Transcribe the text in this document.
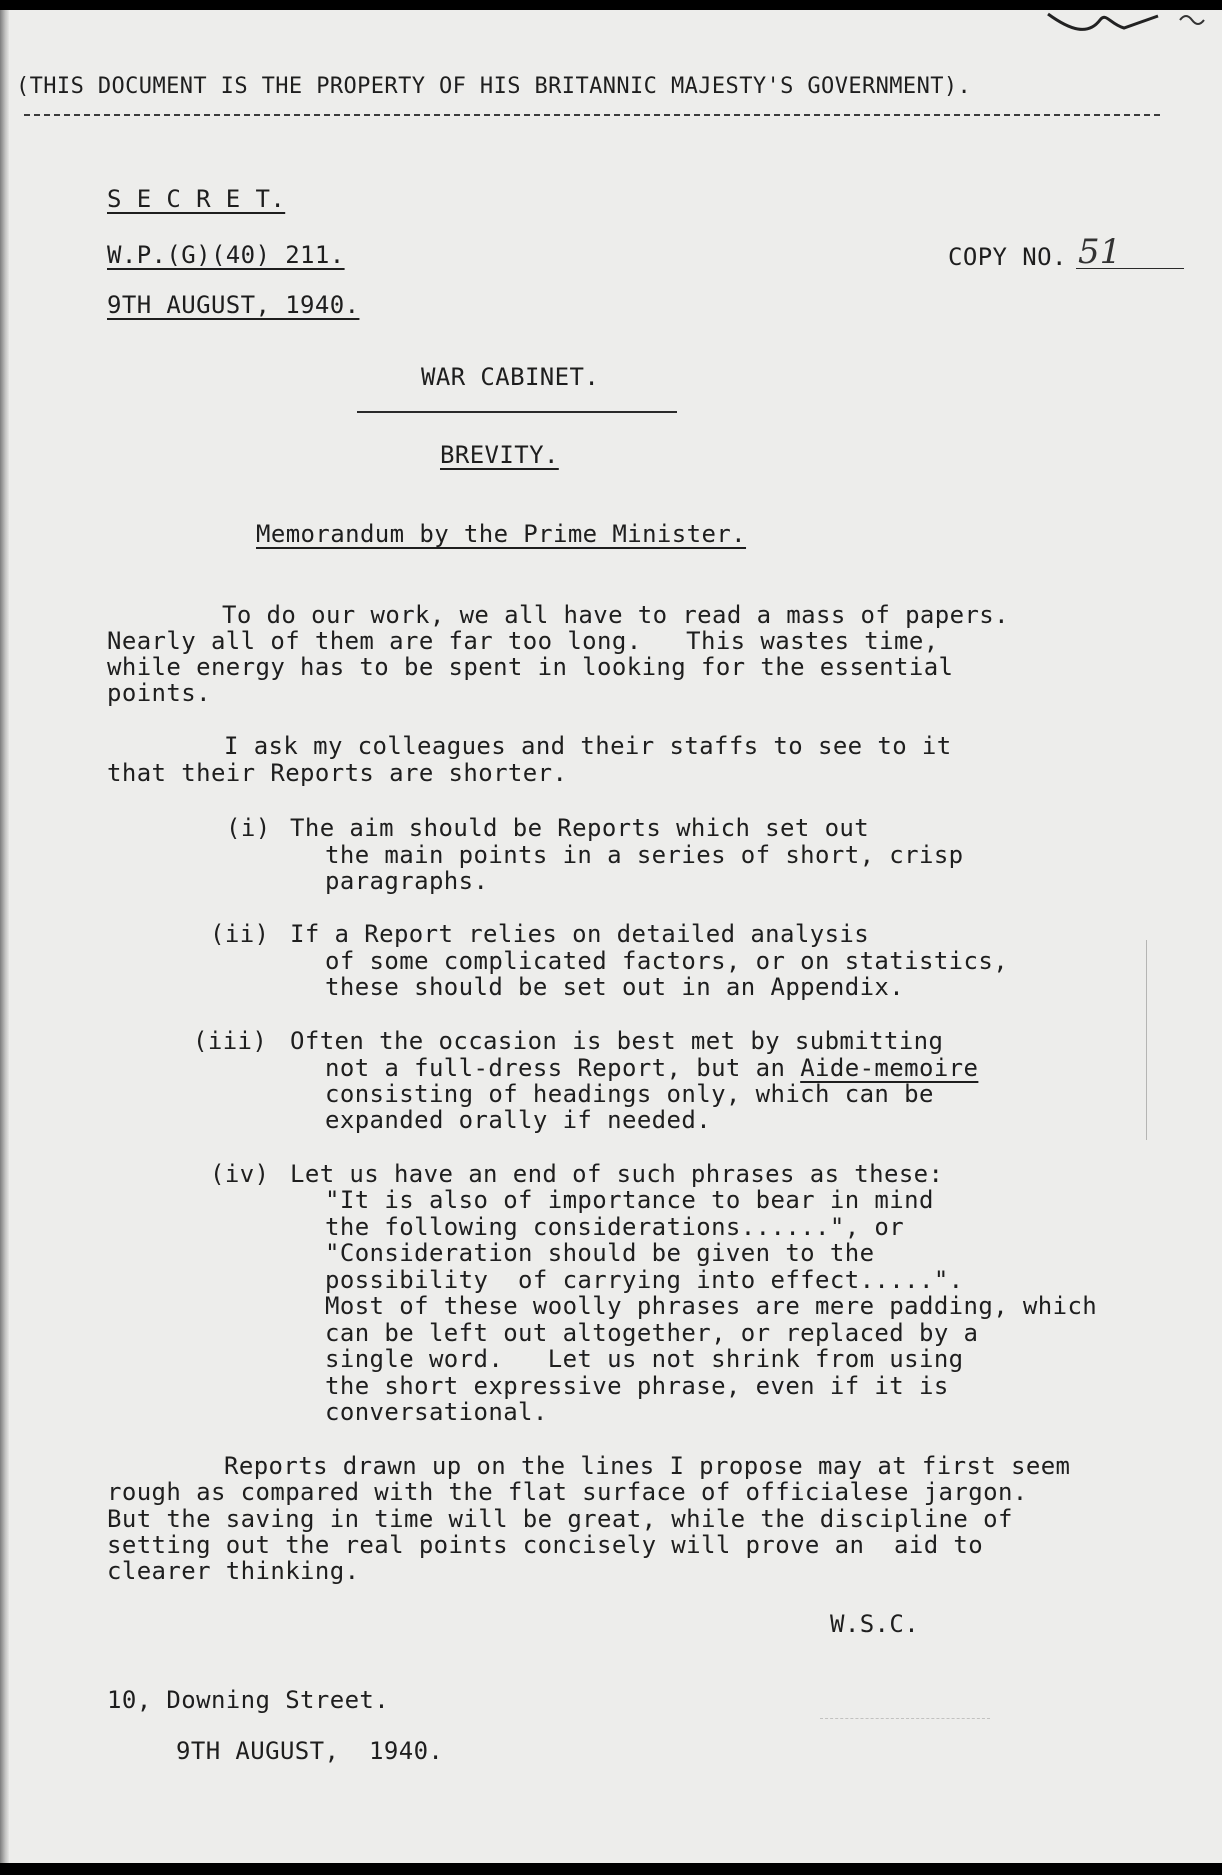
(THIS DOCUMENT IS THE PROPERTY OF HIS BRITANNIC MAJESTY'S GOVERNMENT).
S E C R E T.
W.P.(G)(40) 211.
9TH AUGUST, 1940.
COPY NO. 51
WAR CABINET.
BREVITY.
Memorandum by the Prime Minister.
To do our work, we all have to read a mass of papers.
Nearly all of them are far too long.   This wastes time,
while energy has to be spent in looking for the essential
points.
I ask my colleagues and their staffs to see to it
that their Reports are shorter.
(i) The aim should be Reports which set out
the main points in a series of short, crisp
paragraphs.
(ii) If a Report relies on detailed analysis
of some complicated factors, or on statistics,
these should be set out in an Appendix.
(iii) Often the occasion is best met by submitting
not a full-dress Report, but an Aide-memoire
consisting of headings only, which can be
expanded orally if needed.
(iv) Let us have an end of such phrases as these:
"It is also of importance to bear in mind
the following considerations......", or
"Consideration should be given to the
possibility  of carrying into effect.....".
Most of these woolly phrases are mere padding, which
can be left out altogether, or replaced by a
single word.   Let us not shrink from using
the short expressive phrase, even if it is
conversational.
Reports drawn up on the lines I propose may at first seem
rough as compared with the flat surface of officialese jargon.
But the saving in time will be great, while the discipline of
setting out the real points concisely will prove an  aid to
clearer thinking.
W.S.C.
10, Downing Street.
9TH AUGUST,  1940.
